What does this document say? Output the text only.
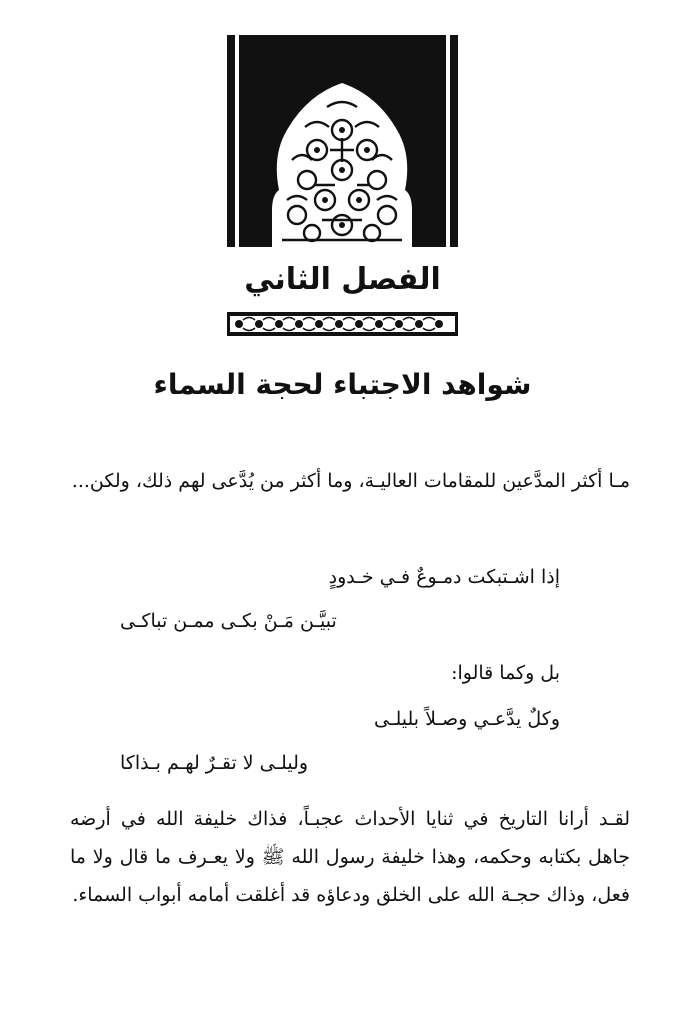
الفصل الثاني
شواهد الاجتباء لحجة السماء
مـا أكثر المدَّعين للمقامات العاليـة، وما أكثر من يُدَّعى لهم ذلك، ولكن...
إذا اشـتبكت دمـوعٌ فـي خـدودٍ
تبيَّـن مَـنْ بكـى ممـن تباكـى
بل وكما قالوا:
وكلٌ يدَّعـي وصـلاً بليلـى
وليلـى لا تقـرٌ لهـم بـذاكا
لقـد أرانا التاريخ في ثنايا الأحداث عجبـاً، فذاك خليفة الله في أرضه جاهل بكتابه وحكمه، وهذا خليفة رسول الله ﷺ ولا يعـرف ما قال ولا ما فعل، وذاك حجـة الله على الخلق ودعاؤه قد أغلقت أمامه أبواب السماء.
